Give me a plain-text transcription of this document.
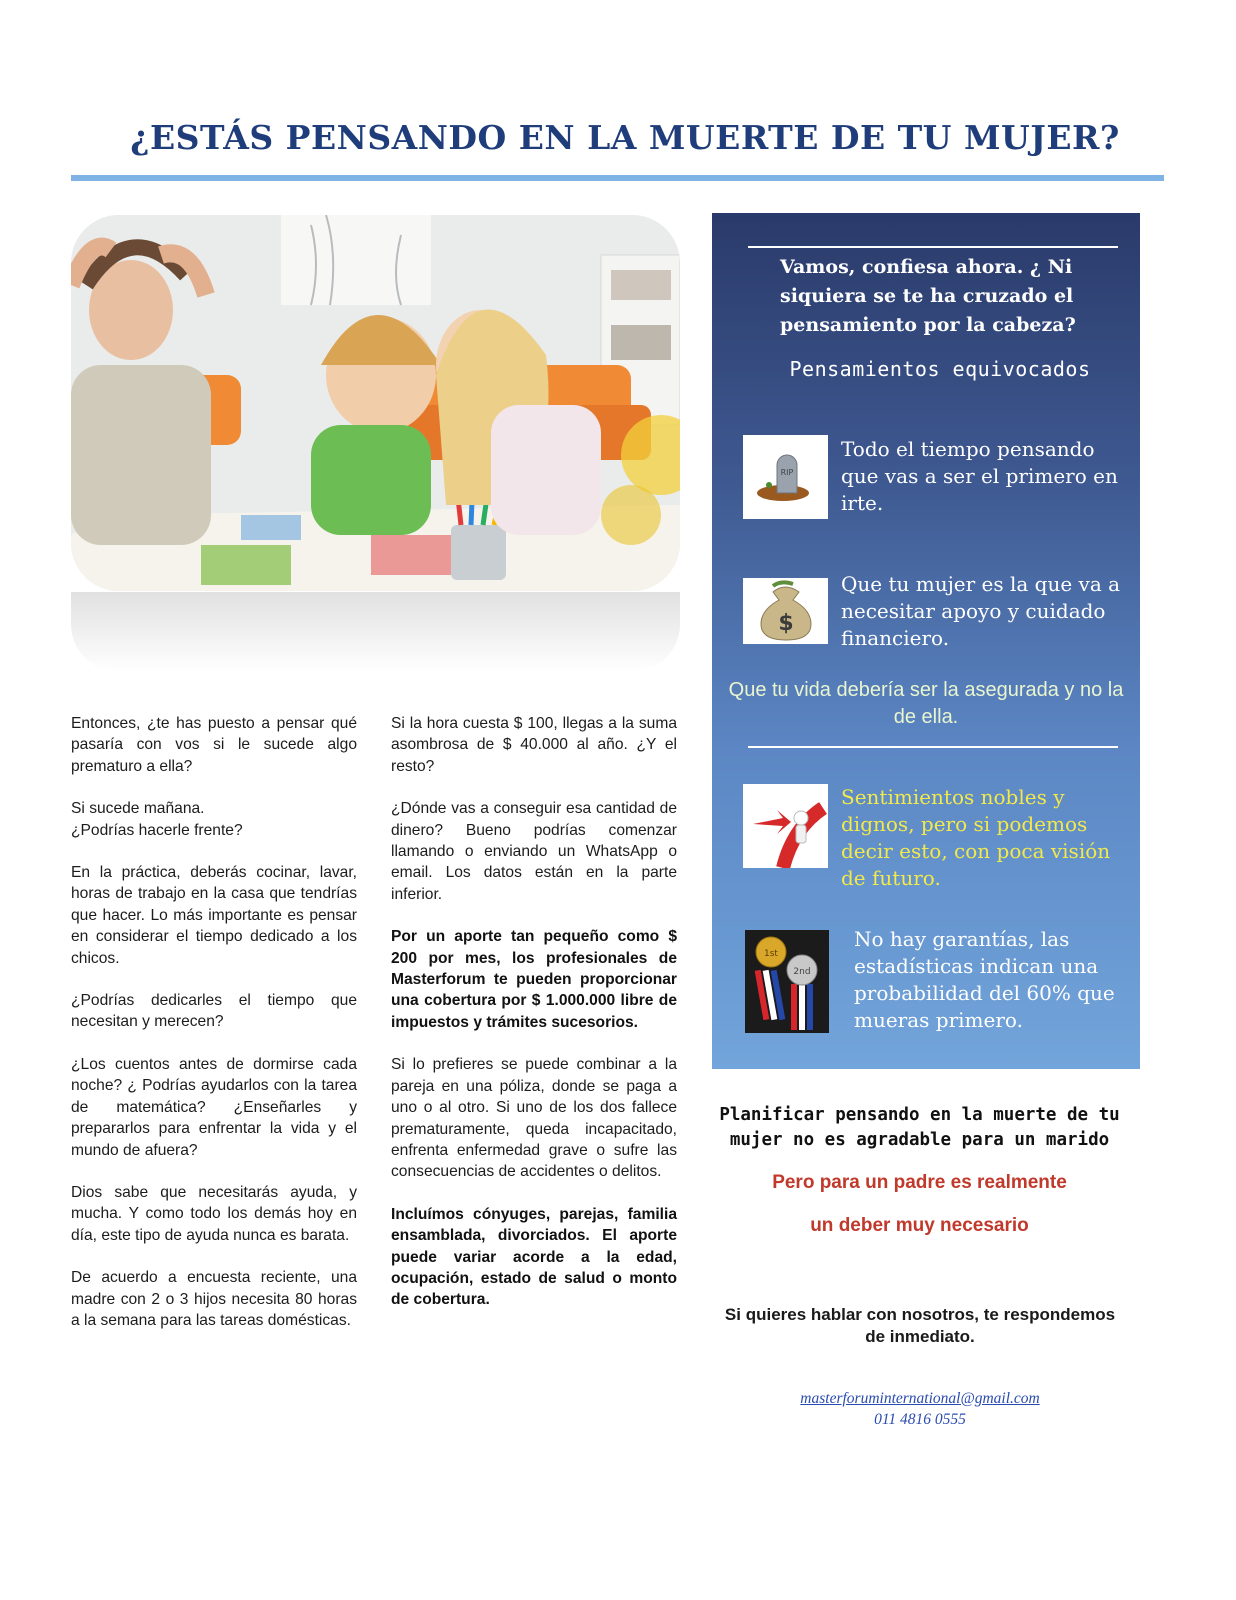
¿ESTÁS PENSANDO EN LA MUERTE DE TU MUJER?

Entonces, ¿te has puesto a pensar qué pasaría con vos si le sucede algo prematuro a ella?

Si sucede mañana.
¿Podrías hacerle frente?

En la práctica, deberás cocinar, lavar, horas de trabajo en la casa que tendrías que hacer. Lo más importante es pensar en considerar el tiempo dedicado a los chicos.

¿Podrías dedicarles el tiempo que necesitan y merecen?

¿Los cuentos antes de dormirse cada noche? ¿ Podrías ayudarlos con la tarea de matemática? ¿Enseñarles y prepararlos para enfrentar la vida y el mundo de afuera?

Dios sabe que necesitarás ayuda, y mucha. Y como todo los demás hoy en día, este tipo de ayuda nunca es barata.

De acuerdo a encuesta reciente, una madre con 2 o 3 hijos necesita 80 horas a la semana para las tareas domésticas.

Si la hora cuesta $ 100, llegas a la suma asombrosa de $ 40.000 al año. ¿Y el resto?

¿Dónde vas a conseguir esa cantidad de dinero? Bueno podrías comenzar llamando o enviando un WhatsApp o email. Los datos están en la parte inferior.

Por un aporte tan pequeño como $ 200 por mes, los profesionales de Masterforum te pueden proporcionar una cobertura por $ 1.000.000 libre de impuestos y trámites sucesorios.

Si lo prefieres se puede combinar a la pareja en una póliza, donde se paga a uno o al otro. Si uno de los dos fallece prematuramente, queda incapacitado, enfrenta enfermedad grave o sufre las consecuencias de accidentes o delitos.

Incluímos cónyuges, parejas, familia ensamblada, divorciados. El aporte puede variar acorde a la edad, ocupación, estado de salud o monto de cobertura.

Vamos, confiesa ahora. ¿ Ni siquiera se te ha cruzado el pensamiento por la cabeza?
Pensamientos equivocados
RIP
Todo el tiempo pensando que vas a ser el primero en irte.
$
Que tu mujer es la que va a necesitar apoyo y cuidado financiero.
Que tu vida debería ser la asegurada y no la de ella.
Sentimientos nobles y dignos, pero si podemos decir esto, con poca visión de futuro.
1st
2nd
No hay garantías, las estadísticas indican una probabilidad del 60% que mueras primero.
Planificar pensando en la muerte de tu mujer no es agradable para un marido
Pero para un padre es realmente
un deber muy necesario
Si quieres hablar con nosotros, te respondemos de inmediato.
masterforuminternational@gmail.com
011 4816 0555
